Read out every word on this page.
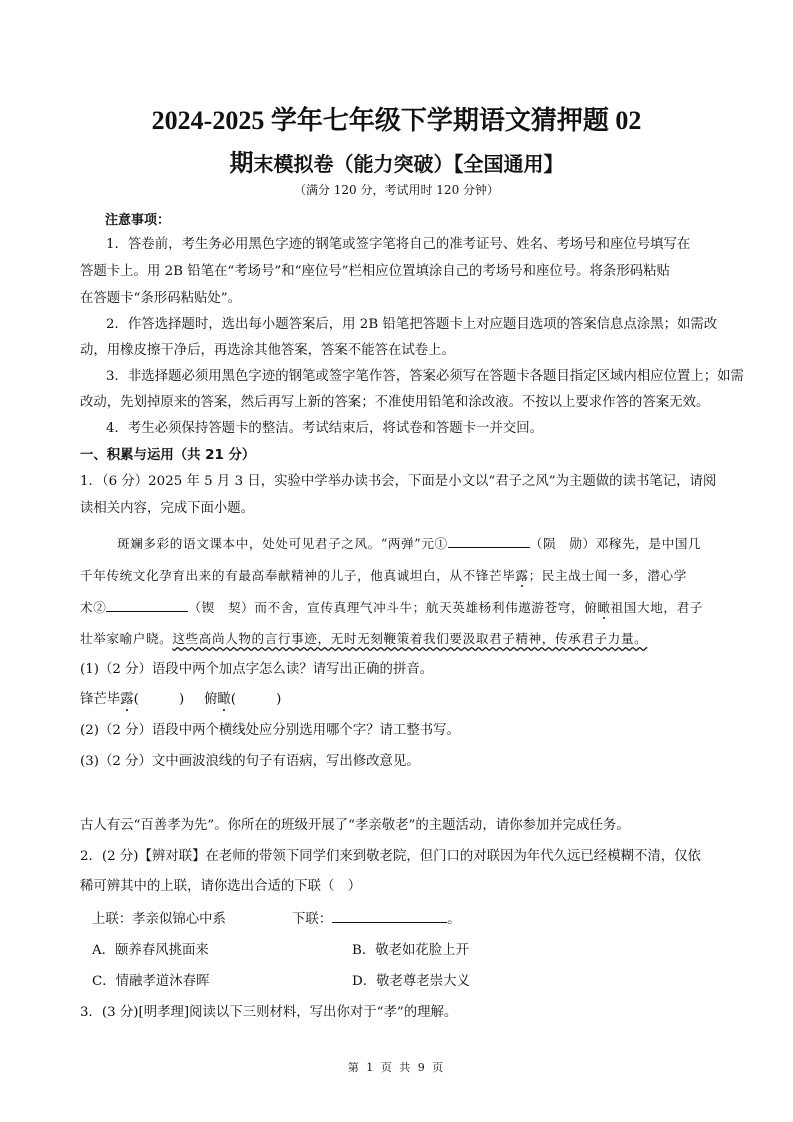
2024-2025 学年七年级下学期语文猜押题 02
期末模拟卷（能力突破）【全国通用】
（满分 120 分，考试用时 120 分钟）
注意事项：
1．答卷前，考生务必用黑色字迹的钢笔或签字笔将自己的准考证号、姓名、考场号和座位号填写在
答题卡上。用 2B 铅笔在“考场号”和“座位号”栏相应位置填涂自己的考场号和座位号。将条形码粘贴
在答题卡“条形码粘贴处”。
2．作答选择题时，选出每小题答案后，用 2B 铅笔把答题卡上对应题目选项的答案信息点涂黑；如需改
动，用橡皮擦干净后，再选涂其他答案，答案不能答在试卷上。
3．非选择题必须用黑色字迹的钢笔或签字笔作答，答案必须写在答题卡各题目指定区域内相应位置上；如需
改动，先划掉原来的答案，然后再写上新的答案；不准使用铅笔和涂改液。不按以上要求作答的答案无效。
4．考生必须保持答题卡的整洁。考试结束后，将试卷和答题卡一并交回。
一、积累与运用（共 21 分）
1．（6 分）2025 年 5 月 3 日，实验中学举办读书会，下面是小文以“君子之风”为主题做的读书笔记，请阅
读相关内容，完成下面小题。
斑斓多彩的语文课本中，处处可见君子之风。“两弹”元①	（陨　勋）邓稼先，是中国几
千年传统文化孕育出来的有最高奉献精神的儿子，他真诚坦白，从不锋芒毕露；民主战士闻一多，潜心学
术②	（锲　契）而不舍，宣传真理气冲斗牛；航天英雄杨利伟遨游苍穹，俯瞰祖国大地，君子
壮举家喻户晓。这些高尚人物的言行事迹，无时无刻鞭策着我们要汲取君子精神，传承君子力量。
(1)（2 分）语段中两个加点字怎么读？请写出正确的拼音。
锋芒毕露(　　　) 俯瞰(　　　)
(2)（2 分）语段中两个横线处应分别选用哪个字？请工整书写。
(3)（2 分）文中画波浪线的句子有语病，写出修改意见。
古人有云“百善孝为先”。你所在的班级开展了“孝亲敬老”的主题活动，请你参加并完成任务。
2．(2 分)【辨对联】在老师的带领下同学们来到敬老院，但门口的对联因为年代久远已经模糊不清，仅依
稀可辨其中的上联，请你选出合适的下联（　）
上联：孝亲似锦心中系	下联：	。
A．颐养春风挑面来	B．敬老如花脸上开
C．情融孝道沐春晖	D．敬老尊老崇大义
3．(3 分)[明孝理]阅读以下三则材料，写出你对于“孝”的理解。
第 1 页 共 9 页
